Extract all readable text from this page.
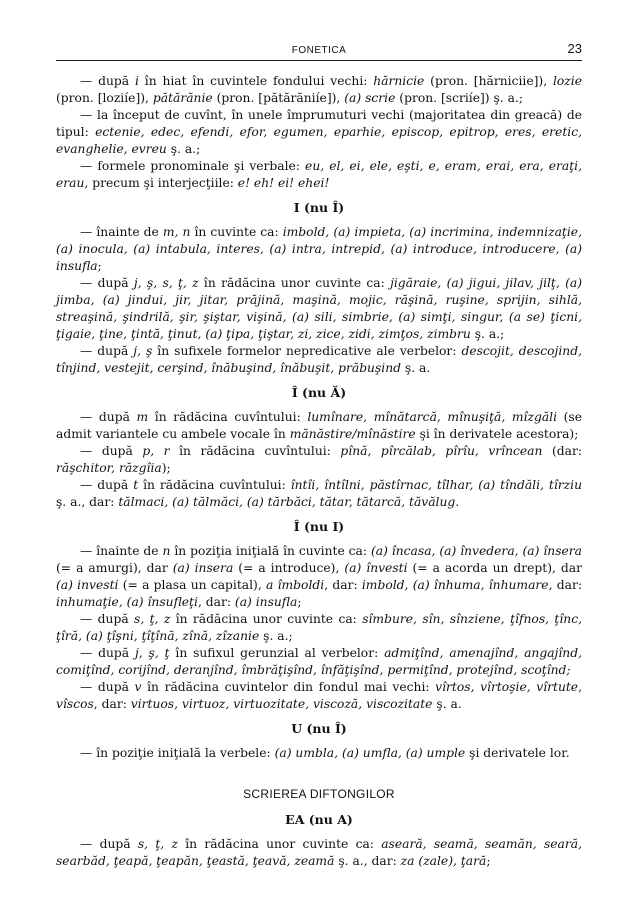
FONETICA	23

— după i în hiat în cuvintele fondului vechi: hărnicie (pron. [hărniciie]), lozie (pron. [loziíe]), pătărănie (pron. [pătărăniíe]), (a) scrie (pron. [scriíe]) ş. a.;

— la început de cuvînt, în unele împrumuturi vechi (majoritatea din greacă) de tipul: ectenie, edec, efendi, efor, egumen, eparhie, episcop, epitrop, eres, eretic, evanghelie, evreu ş. a.;

— formele pronominale şi verbale: eu, el, ei, ele, eşti, e, eram, erai, era, eraţi, erau, precum şi interjecţiile: e! eh! ei! ehei!

I (nu Î)

— înainte de m, n în cuvinte ca: imbold, (a) impieta, (a) incrimina, indemnizaţie, (a) inocula, (a) intabula, interes, (a) intra, intrepid, (a) introduce, introducere, (a) insufla;

— după j, ş, s, ţ, z în rădăcina unor cuvinte ca: jigăraie, (a) jigui, jilav, jilţ, (a) jimba, (a) jindui, jir, jitar, prăjină, maşină, mojic, răşină, ruşine, sprijin, sihlă, streaşină, şindrilă, şir, şiştar, vişină, (a) sili, simbrie, (a) simţi, singur, (a se) ţicni, ţigaie, ţine, ţintă, ţinut, (a) ţipa, ţiştar, zi, zice, zidi, zimţos, zimbru ş. a.;

— după j, ş în sufixele formelor nepredicative ale verbelor: descojit, descojind, tînjind, vestejit, cerşind, înăbuşind, înăbuşit, prăbuşind ş. a.

Î (nu Ă)

— după m în rădăcina cuvîntului: lumînare, mînătarcă, mînuşiţă, mîzgăli (se admit variantele cu ambele vocale în mănăstire/mînăstire şi în derivatele acestora);

— după p, r în rădăcina cuvîntului: pînă, pîrcălab, pîrîu, vrîncean (dar: răşchitor, răzgîia);

— după t în rădăcina cuvîntului: întîi, întîlni, păstîrnac, tîlhar, (a) tîndăli, tîrziu ş. a., dar: tălmaci, (a) tălmăci, (a) tărbăci, tătar, tătarcă, tăvălug.

Î (nu I)

— înainte de n în poziţia iniţială în cuvinte ca: (a) încasa, (a) învedera, (a) însera (= a amurgi), dar (a) insera (= a introduce), (a) învesti (= a acorda un drept), dar (a) investi (= a plasa un capital), a îmboldi, dar: imbold, (a) înhuma, înhumare, dar: inhumaţie, (a) însufleţi, dar: (a) insufla;

— după s, ţ, z în rădăcina unor cuvinte ca: sîmbure, sîn, sînziene, ţîfnos, ţînc, ţîră, (a) ţîşni, ţîţînă, zînă, zîzanie ş. a.;

— după j, ş, ţ în sufixul gerunzial al verbelor: admiţînd, amenajînd, angajînd, comiţînd, corijînd, deranjînd, îmbrăţişînd, înfăţişînd, permiţînd, protejînd, scoţînd;

— după v în rădăcina cuvintelor din fondul mai vechi: vîrtos, vîrtoşie, vîrtute, vîscos, dar: virtuos, virtuoz, virtuozitate, viscoză, viscozitate ş. a.

U (nu Î)

— în poziţie iniţială la verbele: (a) umbla, (a) umfla, (a) umple şi derivatele lor.

SCRIEREA DIFTONGILOR
EA (nu A)

— după s, ţ, z în rădăcina unor cuvinte ca: aseară, seamă, seamăn, seară, searbăd, ţeapă, ţeapăn, ţeastă, ţeavă, zeamă ş. a., dar: za (zale), ţară;
